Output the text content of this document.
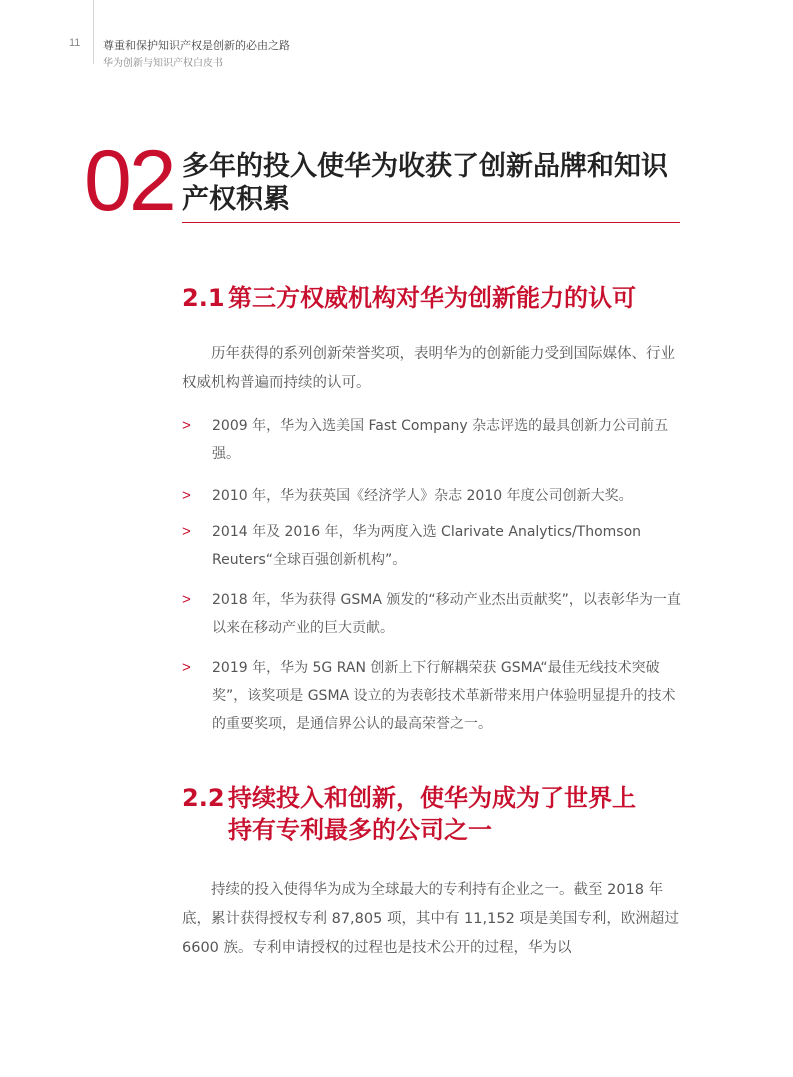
11 尊重和保护知识产权是创新的必由之路
华为创新与知识产权白皮书
02 多年的投入使华为收获了创新品牌和知识产权积累
2.1 第三方权威机构对华为创新能力的认可
历年获得的系列创新荣誉奖项，表明华为的创新能力受到国际媒体、行业权威机构普遍而持续的认可。
> 2009 年，华为入选美国 Fast Company 杂志评选的最具创新力公司前五强。
> 2010 年，华为获英国《经济学人》杂志 2010 年度公司创新大奖。
> 2014 年及 2016 年，华为两度入选 Clarivate Analytics/Thomson Reuters“全球百强创新机构”。
> 2018 年，华为获得 GSMA 颁发的“移动产业杰出贡献奖”，以表彰华为一直以来在移动产业的巨大贡献。
> 2019 年，华为 5G RAN 创新上下行解耦荣获 GSMA“最佳无线技术突破奖”，该奖项是 GSMA 设立的为表彰技术革新带来用户体验明显提升的技术的重要奖项，是通信界公认的最高荣誉之一。
2.2 持续投入和创新，使华为成为了世界上
持有专利最多的公司之一
持续的投入使得华为成为全球最大的专利持有企业之一。截至 2018 年底，累计获得授权专利 87,805 项，其中有 11,152 项是美国专利，欧洲超过 6600 族。专利申请授权的过程也是技术公开的过程，华为以
